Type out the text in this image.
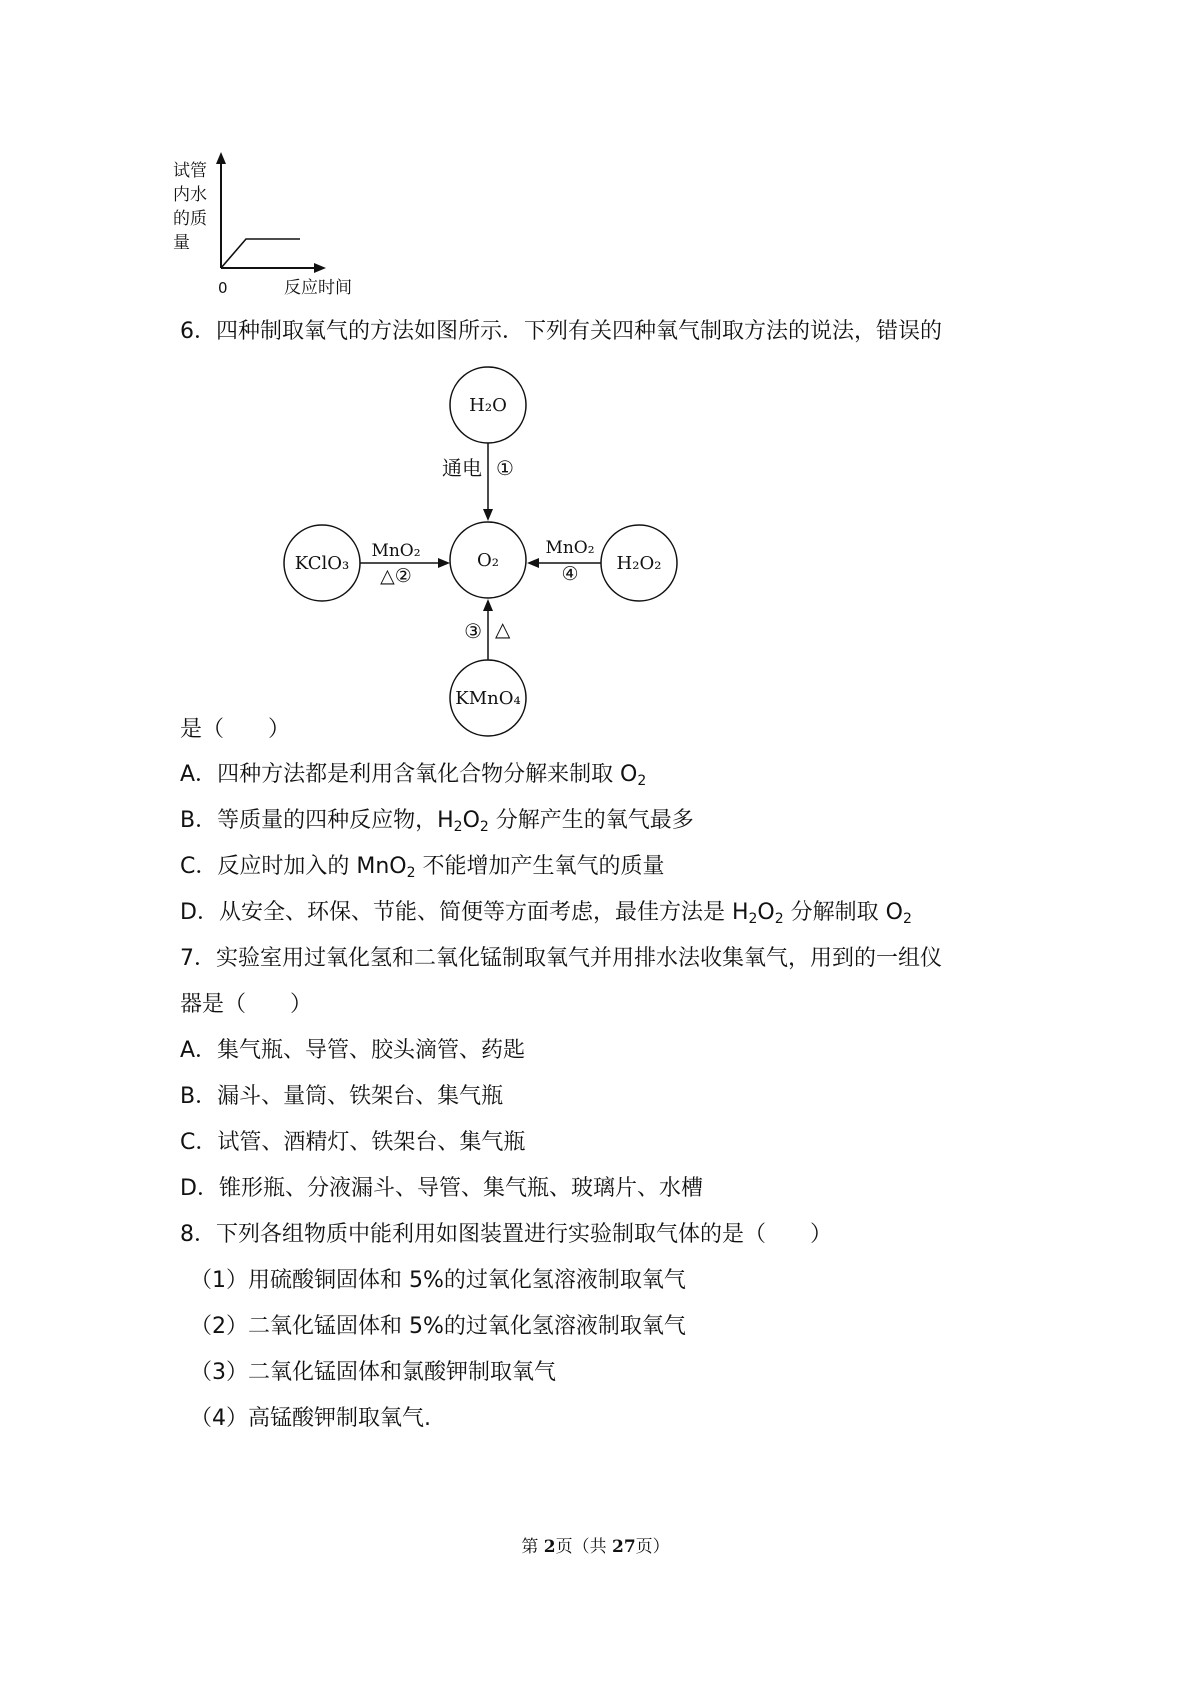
试管
内水
的质
量
0	反应时间
6．四种制取氧气的方法如图所示．下列有关四种氧气制取方法的说法，错误的
H₂O
O₂
KClO₃	H₂O₂
KMnO₄
通电 ①
MnO₂
△②
MnO₂
④
③ △
是（　　）
A．四种方法都是利用含氧化合物分解来制取 $O_2$
B．等质量的四种反应物，$H_2O_2$ 分解产生的氧气最多
C．反应时加入的 MnO$_2$ 不能增加产生氧气的质量
D．从安全、环保、节能、简便等方面考虑，最佳方法是 $H_2O_2$ 分解制取 $O_2$
7．实验室用过氧化氢和二氧化锰制取氧气并用排水法收集氧气，用到的一组仪
器是（　　）
A．集气瓶、导管、胶头滴管、药匙
B．漏斗、量筒、铁架台、集气瓶
C．试管、酒精灯、铁架台、集气瓶
D．锥形瓶、分液漏斗、导管、集气瓶、玻璃片、水槽
8．下列各组物质中能利用如图装置进行实验制取气体的是（　　）
（1）用硫酸铜固体和 5%的过氧化氢溶液制取氧气
（2）二氧化锰固体和 5%的过氧化氢溶液制取氧气
（3）二氧化锰固体和氯酸钾制取氧气
（4）高锰酸钾制取氧气.
第 2页（共 27页）
